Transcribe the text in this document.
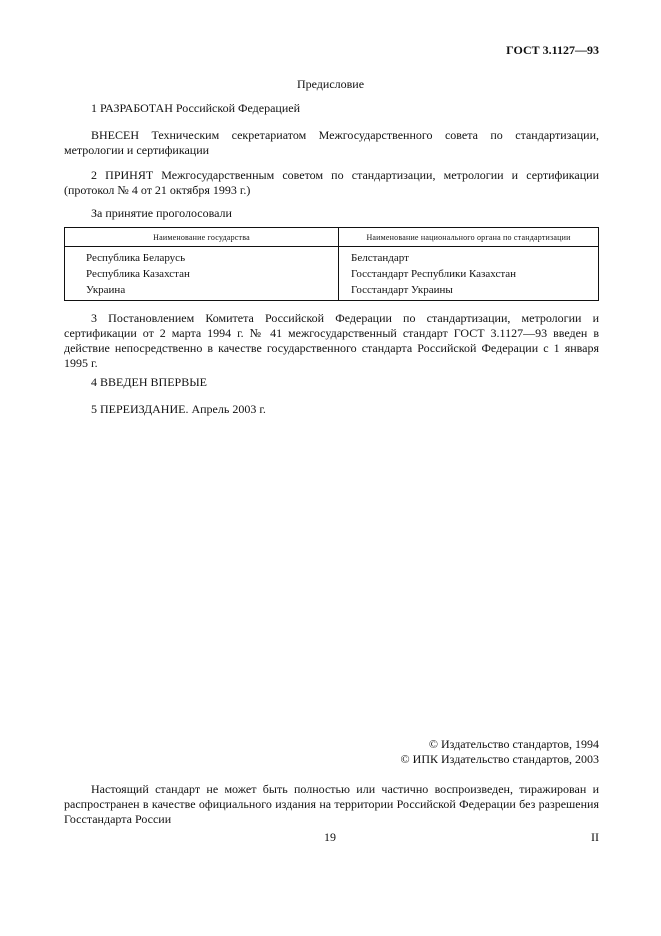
ГОСТ 3.1127—93
Предисловие
1 РАЗРАБОТАН Российской Федерацией
ВНЕСЕН Техническим секретариатом Межгосударственного совета по стандартизации, метрологии и сертификации
2 ПРИНЯТ Межгосударственным советом по стандартизации, метрологии и сертификации (протокол № 4 от 21 октября 1993 г.)
За принятие проголосовали
Наименование государства	Наименование национального органа по стандартизации
Республика Беларусь	Белстандарт
Республика Казахстан	Госстандарт Республики Казахстан
Украина	Госстандарт Украины
3 Постановлением Комитета Российской Федерации по стандартизации, метрологии и сертификации от 2 марта 1994 г. № 41 межгосударственный стандарт ГОСТ 3.1127—93 введен в действие непосредственно в качестве государственного стандарта Российской Федерации с 1 января 1995 г.
4 ВВЕДЕН ВПЕРВЫЕ
5 ПЕРЕИЗДАНИЕ. Апрель 2003 г.
© Издательство стандартов, 1994
© ИПК Издательство стандартов, 2003
Настоящий стандарт не может быть полностью или частично воспроизведен, тиражирован и распространен в качестве официального издания на территории Российской Федерации без разрешения Госстандарта России
19	II
